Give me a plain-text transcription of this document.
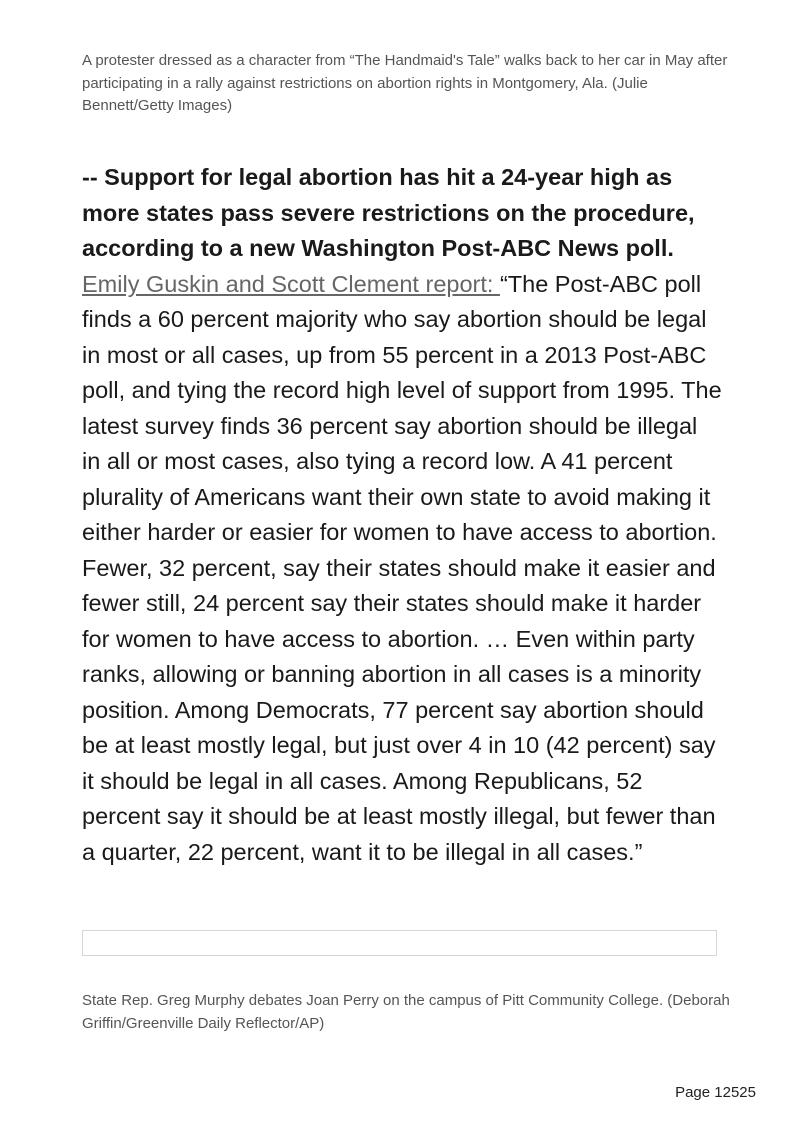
A protester dressed as a character from “The Handmaid's Tale” walks back to her car in May after participating in a rally against restrictions on abortion rights in Montgomery, Ala. (Julie Bennett/Getty Images)
-- Support for legal abortion has hit a 24-year high as more states pass severe restrictions on the procedure, according to a new Washington Post-ABC News poll.
Emily Guskin and Scott Clement report: “The Post-ABC poll finds a 60 percent majority who say abortion should be legal in most or all cases, up from 55 percent in a 2013 Post-ABC poll, and tying the record high level of support from 1995. The latest survey finds 36 percent say abortion should be illegal in all or most cases, also tying a record low. A 41 percent plurality of Americans want their own state to avoid making it either harder or easier for women to have access to abortion. Fewer, 32 percent, say their states should make it easier and fewer still, 24 percent say their states should make it harder for women to have access to abortion. … Even within party ranks, allowing or banning abortion in all cases is a minority position. Among Democrats, 77 percent say abortion should be at least mostly legal, but just over 4 in 10 (42 percent) say it should be legal in all cases. Among Republicans, 52 percent say it should be at least mostly illegal, but fewer than a quarter, 22 percent, want it to be illegal in all cases.”
State Rep. Greg Murphy debates Joan Perry on the campus of Pitt Community College. (Deborah Griffin/Greenville Daily Reflector/AP)
Page 12525
